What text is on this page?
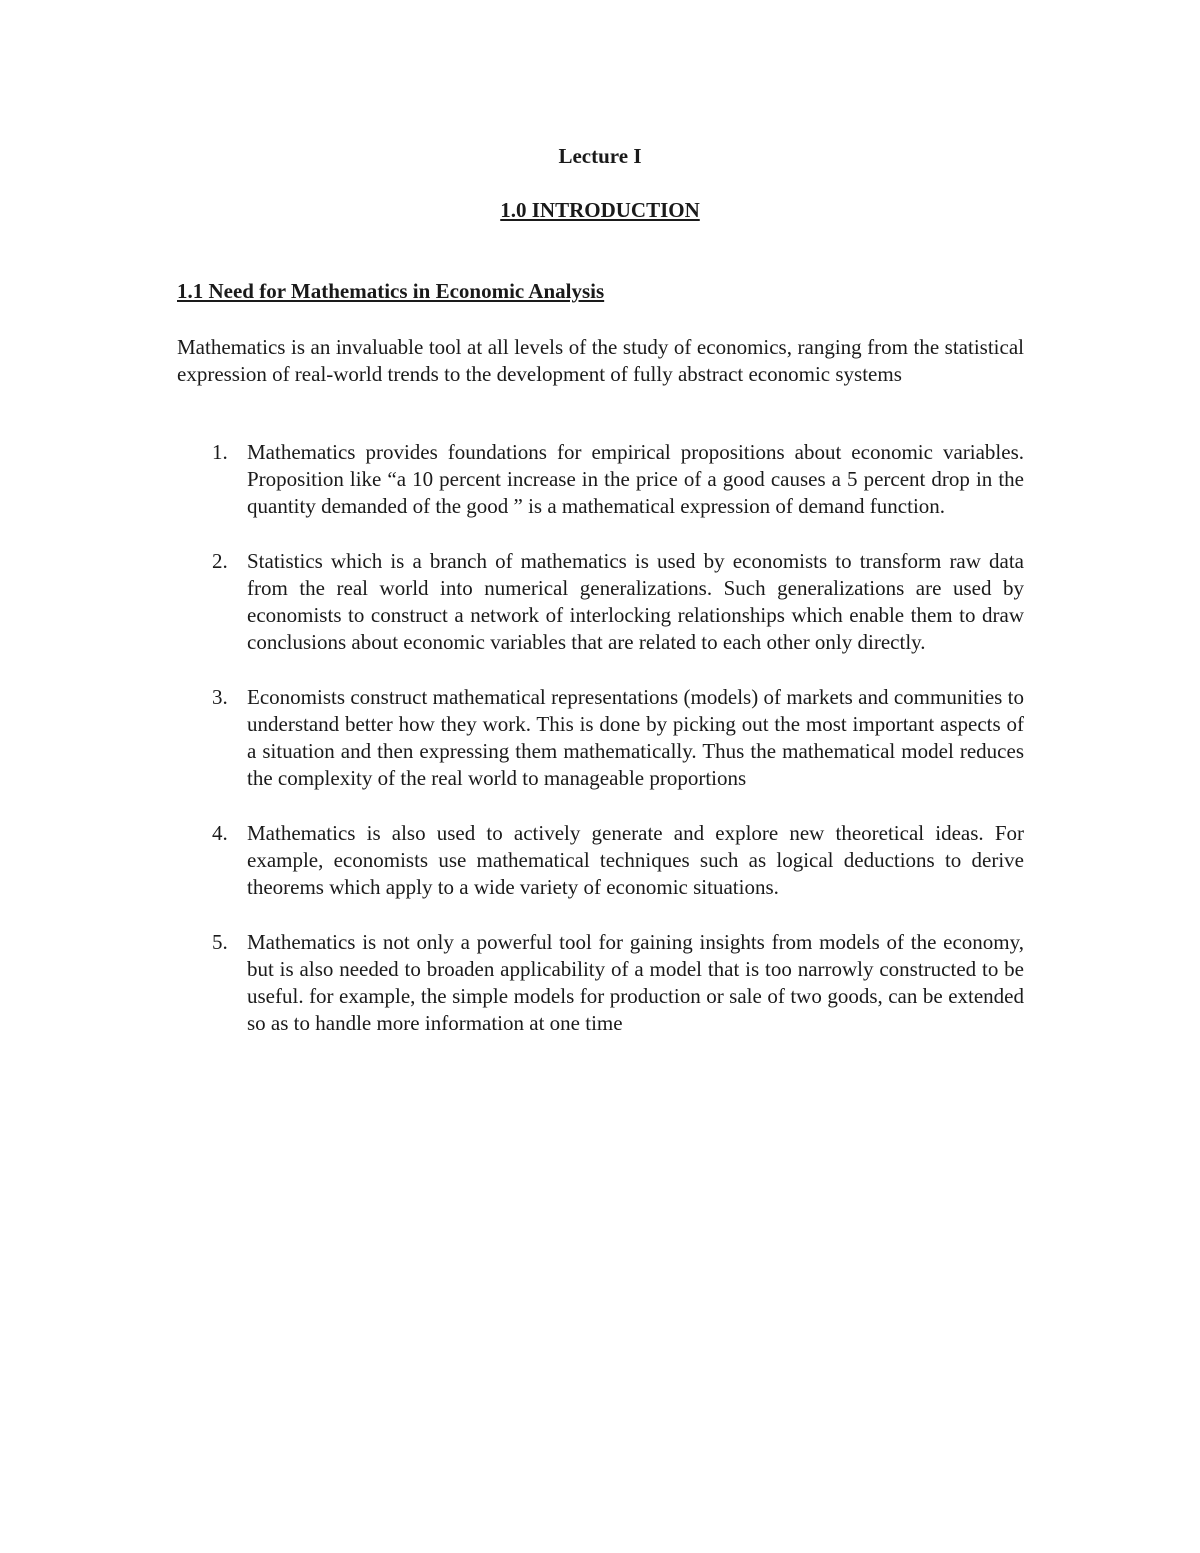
Lecture I
1.0 INTRODUCTION
1.1 Need for Mathematics in Economic Analysis

Mathematics is an invaluable tool at all levels of the study of economics, ranging from the statistical expression of real-world trends to the development of fully abstract economic systems

1. Mathematics provides foundations for empirical propositions about economic variables. Proposition like “a 10 percent increase in the price of a good causes a 5 percent drop in the quantity demanded of the good ” is a mathematical expression of demand function.
2. Statistics which is a branch of mathematics is used by economists to transform raw data from the real world into numerical generalizations. Such generalizations are used by economists to construct a network of interlocking relationships which enable them to draw conclusions about economic variables that are related to each other only directly.
3. Economists construct mathematical representations (models) of markets and communities to understand better how they work. This is done by picking out the most important aspects of a situation and then expressing them mathematically. Thus the mathematical model reduces the complexity of the real world to manageable proportions
4. Mathematics is also used to actively generate and explore new theoretical ideas. For example, economists use mathematical techniques such as logical deductions to derive theorems which apply to a wide variety of economic situations.
5. Mathematics is not only a powerful tool for gaining insights from models of the economy, but is also needed to broaden applicability of a model that is too narrowly constructed to be useful. for example, the simple models for production or sale of two goods, can be extended so as to handle more information at one time
